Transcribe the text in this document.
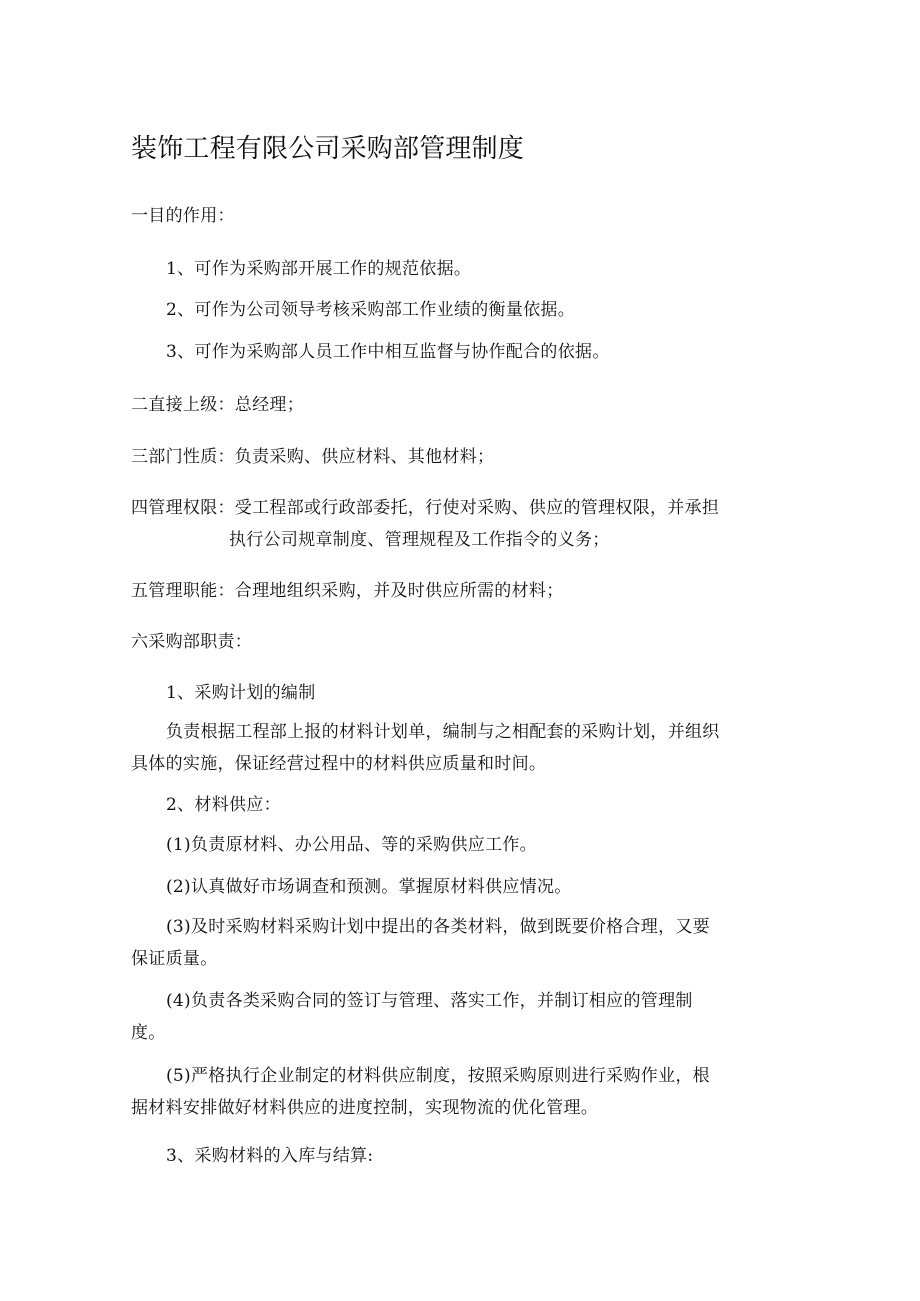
装饰工程有限公司采购部管理制度
一目的作用：
1、可作为采购部开展工作的规范依据。
2、可作为公司领导考核采购部工作业绩的衡量依据。
3、可作为采购部人员工作中相互监督与协作配合的依据。
二直接上级：总经理；
三部门性质：负责采购、供应材料、其他材料；
四管理权限：受工程部或行政部委托，行使对采购、供应的管理权限，并承担
执行公司规章制度、管理规程及工作指令的义务；
五管理职能：合理地组织采购，并及时供应所需的材料；
六采购部职责：
1、采购计划的编制
负责根据工程部上报的材料计划单，编制与之相配套的采购计划，并组织
具体的实施，保证经营过程中的材料供应质量和时间。
2、材料供应：
(1)负责原材料、办公用品、等的采购供应工作。
(2)认真做好市场调查和预测。掌握原材料供应情况。
(3)及时采购材料采购计划中提出的各类材料，做到既要价格合理，又要
保证质量。
(4)负责各类采购合同的签订与管理、落实工作，并制订相应的管理制
度。
(5)严格执行企业制定的材料供应制度，按照采购原则进行采购作业，根
据材料安排做好材料供应的进度控制，实现物流的优化管理。
3、采购材料的入库与结算:
